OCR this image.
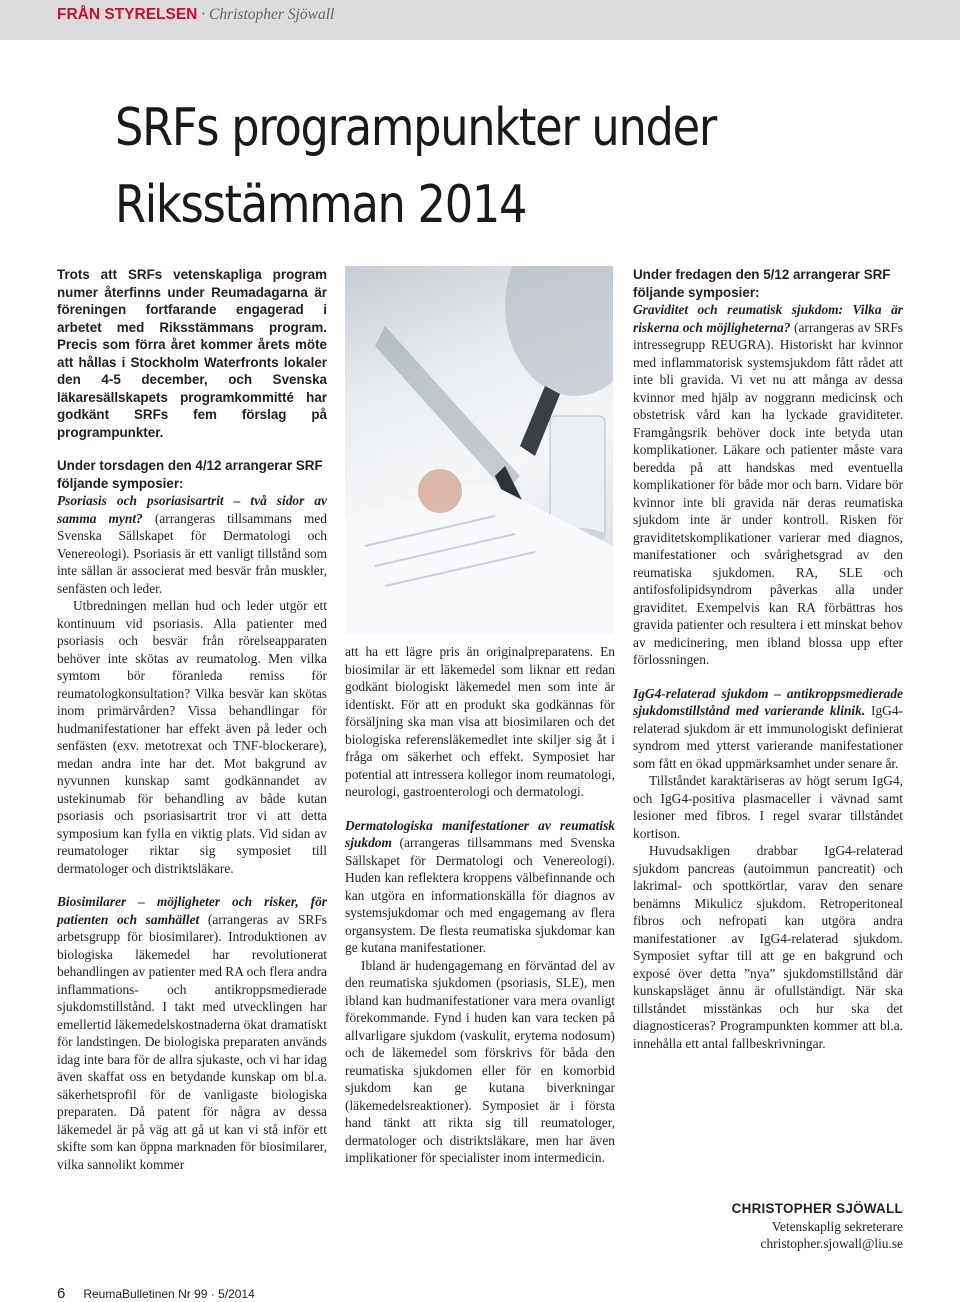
FRÅN STYRELSEN · Christopher Sjöwall
SRFs programpunkter under Riksstämman 2014

Trots att SRFs vetenskapliga program numer återfinns under Reumadagarna är föreningen fortfarande engagerad i arbetet med Riksstämmans program. Precis som förra året kommer årets möte att hållas i Stockholm Waterfronts lokaler den 4-5 december, och Svenska läkaresällskapets programkommitté har godkänt SRFs fem förslag på programpunkter.

Under torsdagen den 4/12 arrangerar SRF följande symposier:

Psoriasis och psoriasisartrit – två sidor av samma mynt? (arrangeras tillsammans med Svenska Sällskapet för Dermatologi och Venereologi). Psoriasis är ett vanligt tillstånd som inte sällan är associerat med besvär från muskler, senfästen och leder.

Utbredningen mellan hud och leder utgör ett kontinuum vid psoriasis. Alla patienter med psoriasis och besvär från rörelseapparaten behöver inte skötas av reumatolog. Men vilka symtom bör föranleda remiss för reumatologkonsultation? Vilka besvär kan skötas inom primärvården? Vissa behandlingar för hudmanifestationer har effekt även på leder och senfästen (exv. metotrexat och TNF-blockerare), medan andra inte har det. Mot bakgrund av nyvunnen kunskap samt godkännandet av ustekinumab för behandling av både kutan psoriasis och psoriasisartrit tror vi att detta symposium kan fylla en viktig plats. Vid sidan av reumatologer riktar sig symposiet till dermatologer och distriktsläkare.

Biosimilarer – möjligheter och risker, för patienten och samhället (arrangeras av SRFs arbetsgrupp för biosimilarer). Introduktionen av biologiska läkemedel har revolutionerat behandlingen av patienter med RA och flera andra inflammations- och antikroppsmedierade sjukdomstillstånd. I takt med utvecklingen har emellertid läkemedelskostnaderna ökat dramatiskt för landstingen. De biologiska preparaten används idag inte bara för de allra sjukaste, och vi har idag även skaffat oss en betydande kunskap om bl.a. säkerhetsprofil för de vanligaste biologiska preparaten. Då patent för några av dessa läkemedel är på väg att gå ut kan vi stå inför ett skifte som kan öppna marknaden för biosimilarer, vilka sannolikt kommer

att ha ett lägre pris än originalpreparatens. En biosimilar är ett läkemedel som liknar ett redan godkänt biologiskt läkemedel men som inte är identiskt. För att en produkt ska godkännas för försäljning ska man visa att biosimilaren och det biologiska referensläkemedlet inte skiljer sig åt i fråga om säkerhet och effekt. Symposiet har potential att intressera kollegor inom reumatologi, neurologi, gastroenterologi och dermatologi.

Dermatologiska manifestationer av reumatisk sjukdom (arrangeras tillsammans med Svenska Sällskapet för Dermatologi och Venereologi). Huden kan reflektera kroppens välbefinnande och kan utgöra en informationskälla för diagnos av systemsjukdomar och med engagemang av flera organsystem. De flesta reumatiska sjukdomar kan ge kutana manifestationer.

Ibland är hudengagemang en förväntad del av den reumatiska sjukdomen (psoriasis, SLE), men ibland kan hudmanifestationer vara mera ovanligt förekommande. Fynd i huden kan vara tecken på allvarligare sjukdom (vaskulit, erytema nodosum) och de läkemedel som förskrivs för båda den reumatiska sjukdomen eller för en komorbid sjukdom kan ge kutana biverkningar (läkemedelsreaktioner). Symposiet är i första hand tänkt att rikta sig till reumatologer, dermatologer och distriktsläkare, men har även implikationer för specialister inom intermedicin.

Under fredagen den 5/12 arrangerar SRF följande symposier:

Graviditet och reumatisk sjukdom: Vilka är riskerna och möjligheterna? (arrangeras av SRFs intressegrupp REUGRA). Historiskt har kvinnor med inflammatorisk systemsjukdom fått rådet att inte bli gravida. Vi vet nu att många av dessa kvinnor med hjälp av noggrann medicinsk och obstetrisk vård kan ha lyckade graviditeter. Framgångsrik behöver dock inte betyda utan komplikationer. Läkare och patienter måste vara beredda på att handskas med eventuella komplikationer för både mor och barn. Vidare bör kvinnor inte bli gravida när deras reumatiska sjukdom inte är under kontroll. Risken för graviditetskomplikationer varierar med diagnos, manifestationer och svårighetsgrad av den reumatiska sjukdomen. RA, SLE och antifosfolipidsyndrom påverkas alla under graviditet. Exempelvis kan RA förbättras hos gravida patienter och resultera i ett minskat behov av medicinering, men ibland blossa upp efter förlossningen.

IgG4-relaterad sjukdom – antikroppsmedierade sjukdomstillstånd med varierande klinik. IgG4-relaterad sjukdom är ett immunologiskt definierat syndrom med ytterst varierande manifestationer som fått en ökad uppmärksamhet under senare år.

Tillståndet karaktäriseras av högt serum IgG4, och IgG4-positiva plasmaceller i vävnad samt lesioner med fibros. I regel svarar tillståndet kortison.

Huvudsakligen drabbar IgG4-relaterad sjukdom pancreas (autoimmun pancreatit) och lakrimal- och spottkörtlar, varav den senare benämns Mikulicz sjukdom. Retroperitoneal fibros och nefropati kan utgöra andra manifestationer av IgG4-relaterad sjukdom. Symposiet syftar till att ge en bakgrund och exposé över detta ”nya” sjukdomstillstånd där kunskapsläget ännu är ofullständigt. När ska tillståndet misstänkas och hur ska det diagnosticeras? Programpunkten kommer att bl.a. innehålla ett antal fallbeskrivningar.

CHRISTOPHER SJÖWALL
Vetenskaplig sekreterare
christopher.sjowall@liu.se
6 ReumaBulletinen Nr 99 · 5/2014
